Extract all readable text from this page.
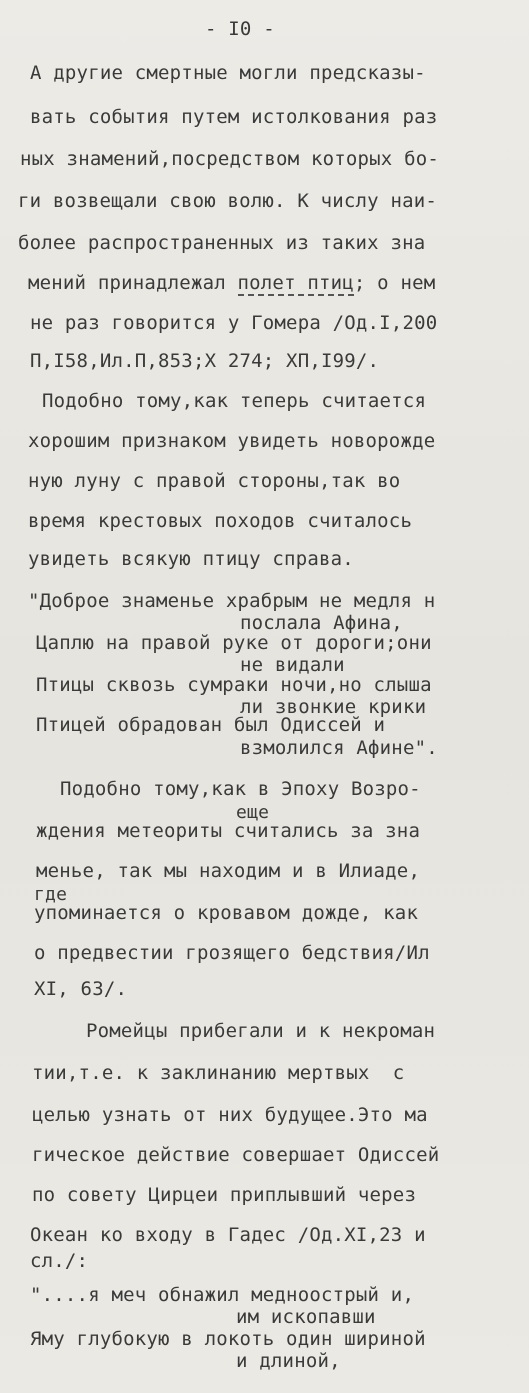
- I0 -
А другие смертные могли предсказы-
вать события путем истолкования раз
ных знамений,посредством которых бо-
ги возвещали свою волю. К числу наи-
более распространенных из таких зна
мений принадлежал полет птиц; о нем
не раз говорится у Гомера /Од.I,200
П,I58,Ил.П,853;Х 274; ХП,I99/.
Подобно тому,как теперь считается
хорошим признаком увидеть новорожде
ную луну с правой стороны,так во
время крестовых походов считалось
увидеть всякую птицу справа.
"Доброе знаменье храбрым не медля н
послала Афина,
Цаплю на правой руке от дороги;они
не видали
Птицы сквозь сумраки ночи,но слыша
ли звонкие крики
Птицей обрадован был Одиссей и
взмолился Афине".
Подобно тому,как в Эпоху Возро-
еще
ждения метеориты считались за зна
менье, так мы находим и в Илиаде,
где
упоминается о кровавом дожде, как
о предвестии грозящего бедствия/Ил
XI, 63/.
Ромейцы прибегали и к некроман
тии,т.е. к заклинанию мертвых  с
целью узнать от них будущее.Это ма
гическое действие совершает Одиссей
по совету Цирцеи приплывший через
Океан ко входу в Гадес /Од.XI,23 и
сл./:
"....я меч обнажил медноострый и,
им ископавши
Яму глубокую в локоть один шириной
и длиной,
